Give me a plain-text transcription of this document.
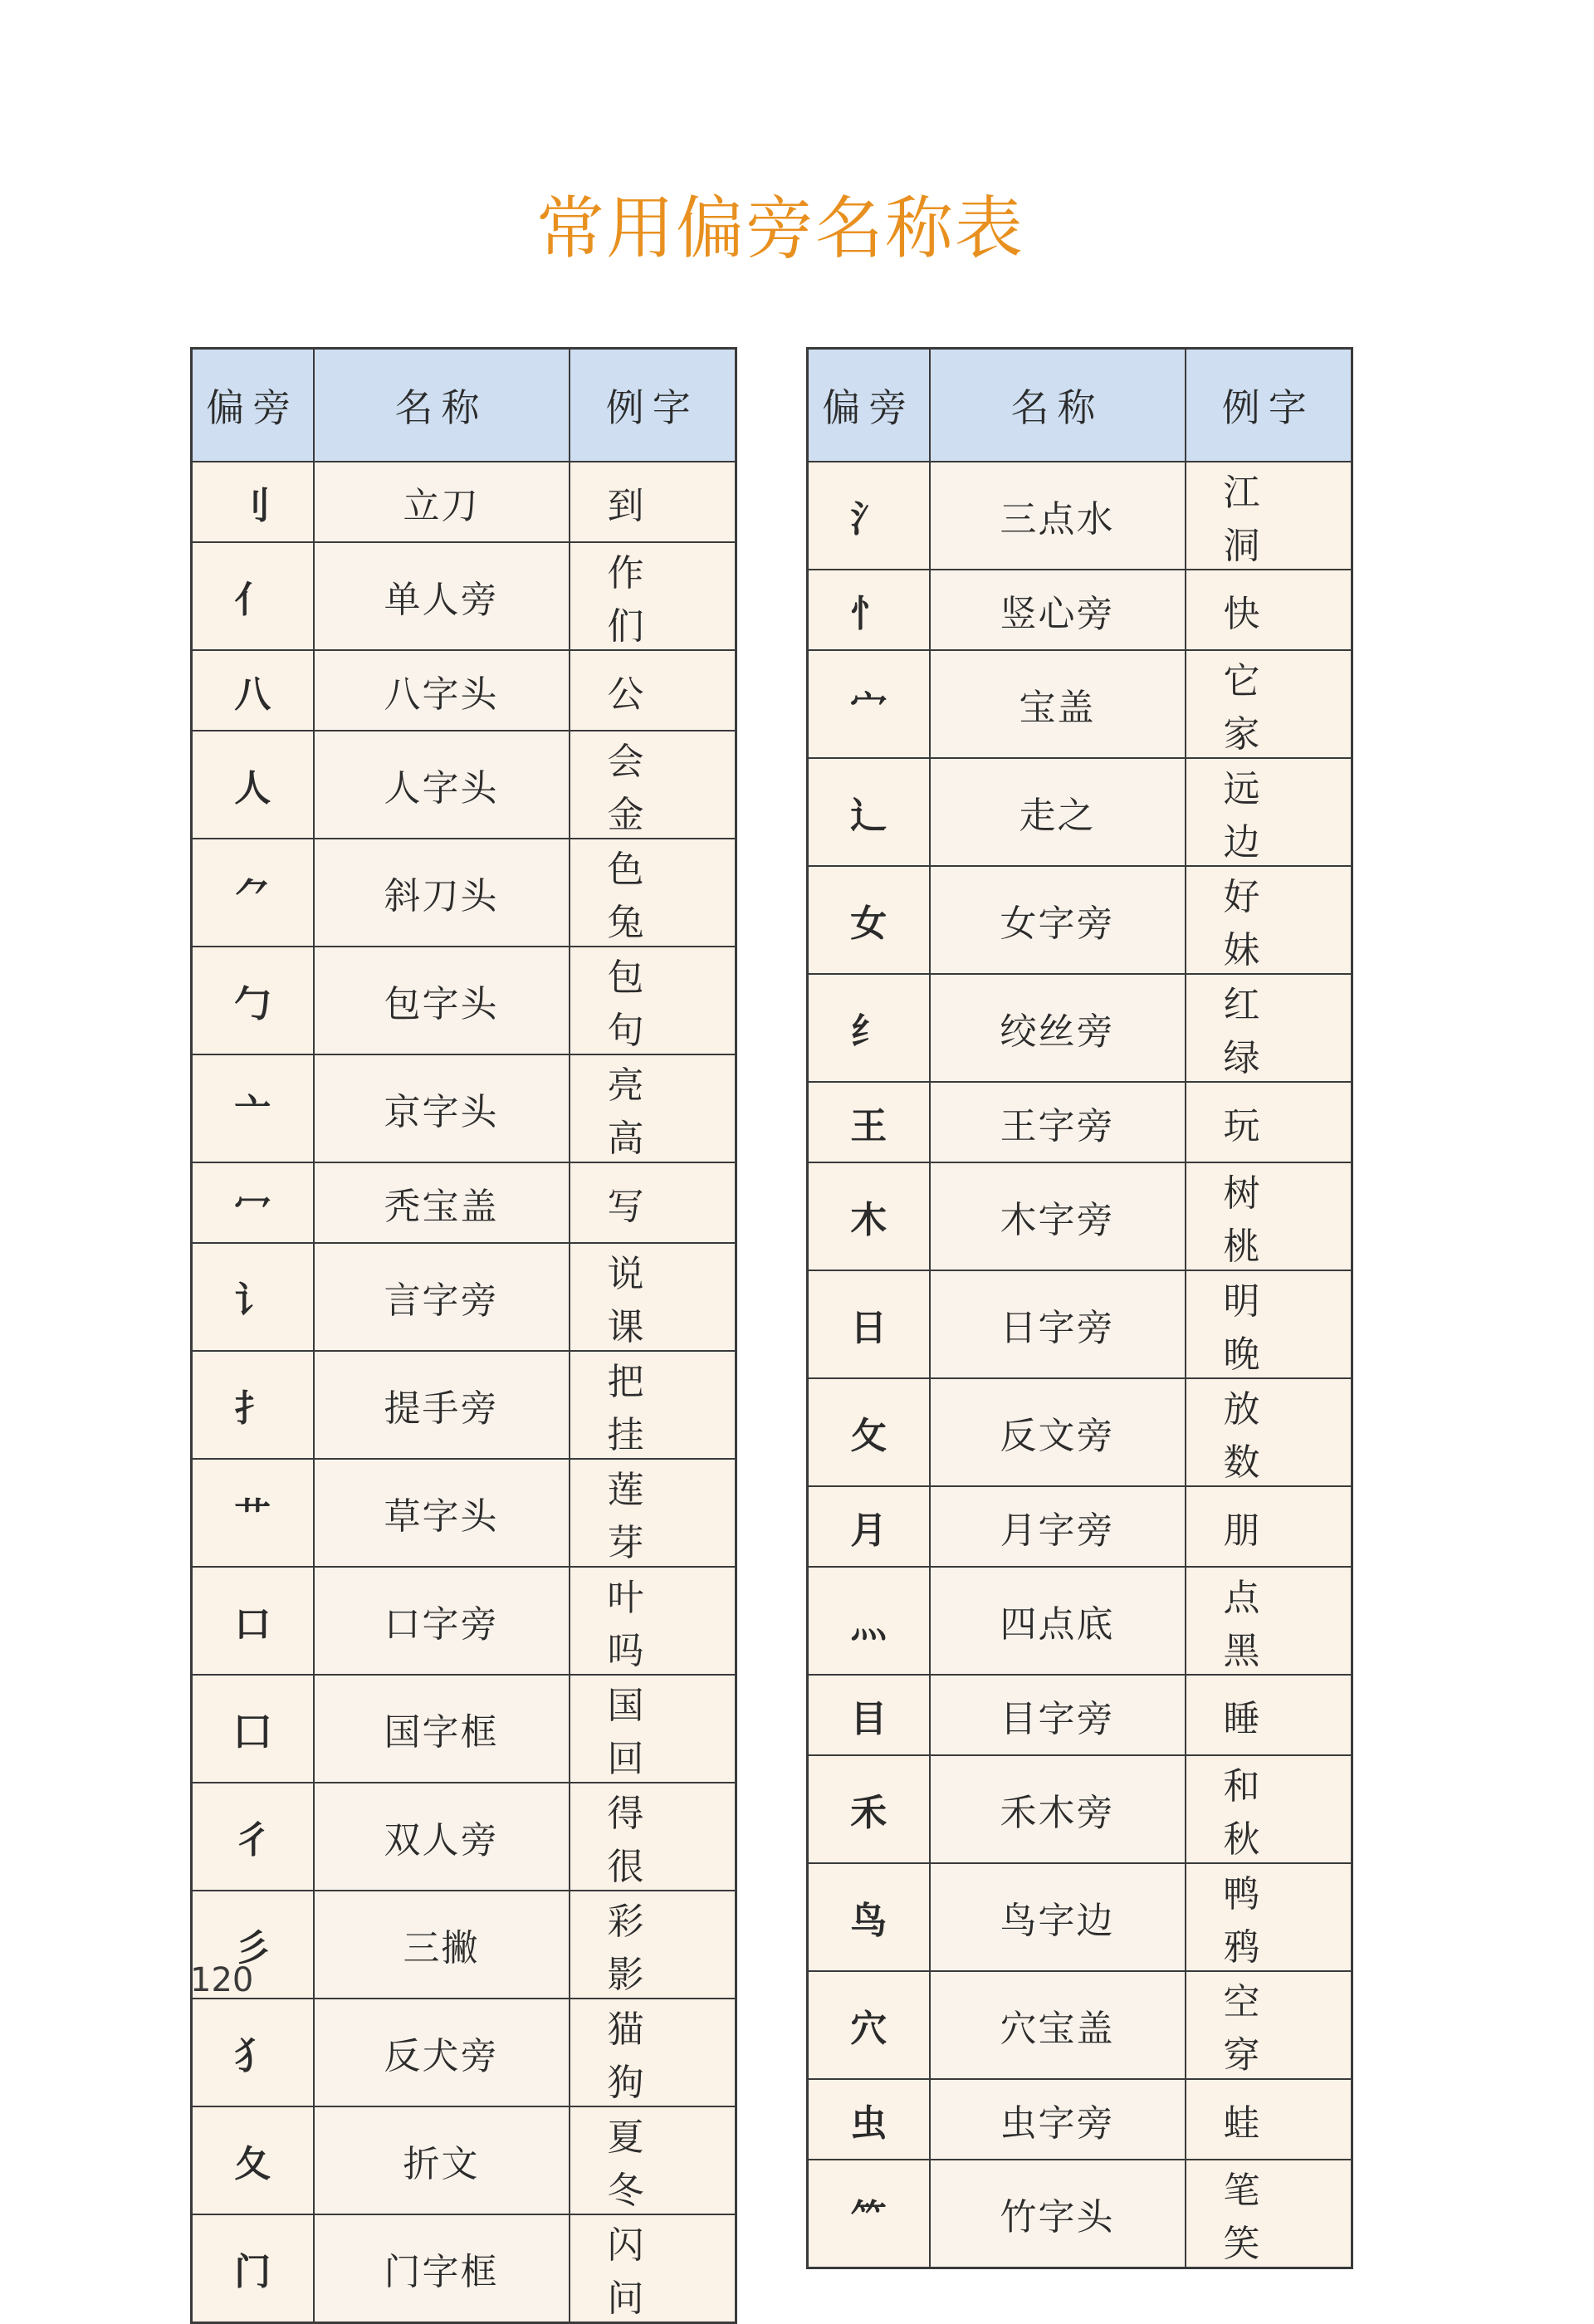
常用偏旁名称表
偏旁	名称	例字
刂	立刀	到
亻	单人旁	作 们
八	八字头	公
人	人字头	会 金
⺈	斜刀头	色 兔
勹	包字头	包 句
亠	京字头	亮 高
冖	秃宝盖	写
讠	言字旁	说 课
扌	提手旁	把 挂
艹	草字头	莲 芽
口	口字旁	叶 吗
囗	国字框	国 回
彳	双人旁	得 很
彡	三撇	彩 影
犭	反犬旁	猫 狗
夂	折文	夏 冬
门	门字框	闪 问
偏旁	名称	例字
氵	三点水	江 洞
忄	竖心旁	快
宀	宝盖	它 家
辶	走之	远 边
女	女字旁	好 妹
纟	绞丝旁	红 绿
王	王字旁	玩
木	木字旁	树 桃
日	日字旁	明 晚
攵	反文旁	放 数
月	月字旁	朋
灬	四点底	点 黑
目	目字旁	睡
禾	禾木旁	和 秋
鸟	鸟字边	鸭 鸦
穴	穴宝盖	空 穿
虫	虫字旁	蛙
⺮	竹字头	笔 笑
120
